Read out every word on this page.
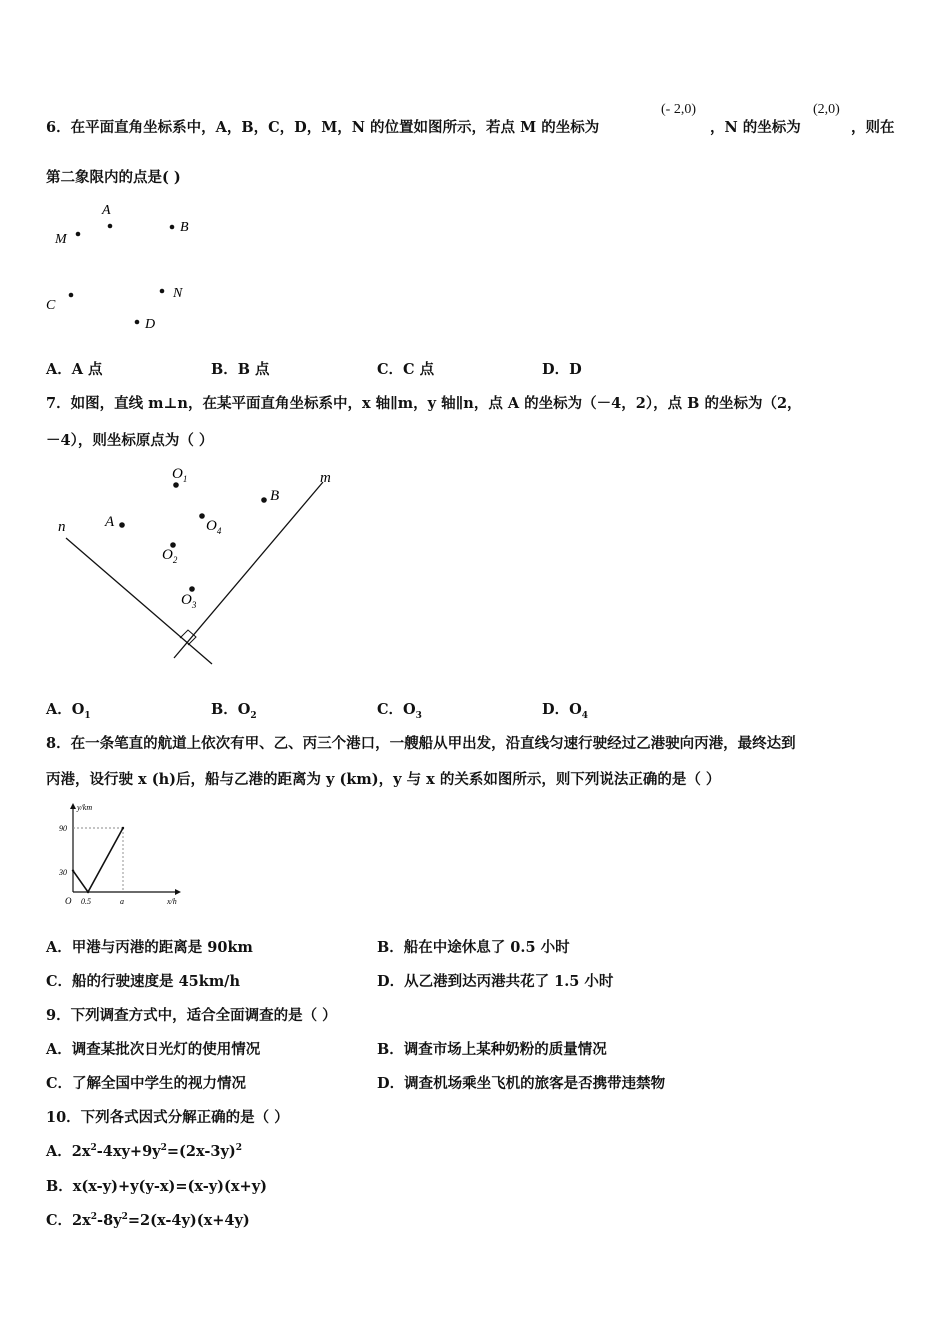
6．在平面直角坐标系中，A，B，C，D，M，N 的位置如图所示，若点 M 的坐标为
(- 2,0)
，N 的坐标为
(2,0)
，则在
第二象限内的点是( )
A
M
B
C
N
D
A．A 点	B．B 点	C．C 点	D．D
7．如图，直线 m⊥n，在某平面直角坐标系中，x 轴∥m，y 轴∥n，点 A 的坐标为（－4，2），点 B 的坐标为（2，
－4），则坐标原点为（ ）
m
n
$O_1$
B
A	$O_4$
$O_2$
$O_3$
A．$O_1$	B．$O_2$	C．$O_3$	D．$O_4$
8．在一条笔直的航道上依次有甲、乙、丙三个港口，一艘船从甲出发，沿直线匀速行驶经过乙港驶向丙港，最终达到
丙港，设行驶 x (h)后，船与乙港的距离为 y (km)，y 与 x 的关系如图所示，则下列说法正确的是（ ）
y/km
x/h
O
90
30
0.5	a
A．甲港与丙港的距离是 90km	B．船在中途休息了 0.5 小时
C．船的行驶速度是 45km/h	D．从乙港到达丙港共花了 1.5 小时
9．下列调查方式中，适合全面调查的是（ ）
A．调查某批次日光灯的使用情况	B．调查市场上某种奶粉的质量情况
C．了解全国中学生的视力情况	D．调查机场乘坐飞机的旅客是否携带违禁物
10．下列各式因式分解正确的是（ ）
A．$2x^2-4xy+9y^2=(2x-3y)^2$
B．x(x-y)+y(y-x)=(x-y)(x+y)
C．$2x^2-8y^2=2(x-4y)(x+4y)$
